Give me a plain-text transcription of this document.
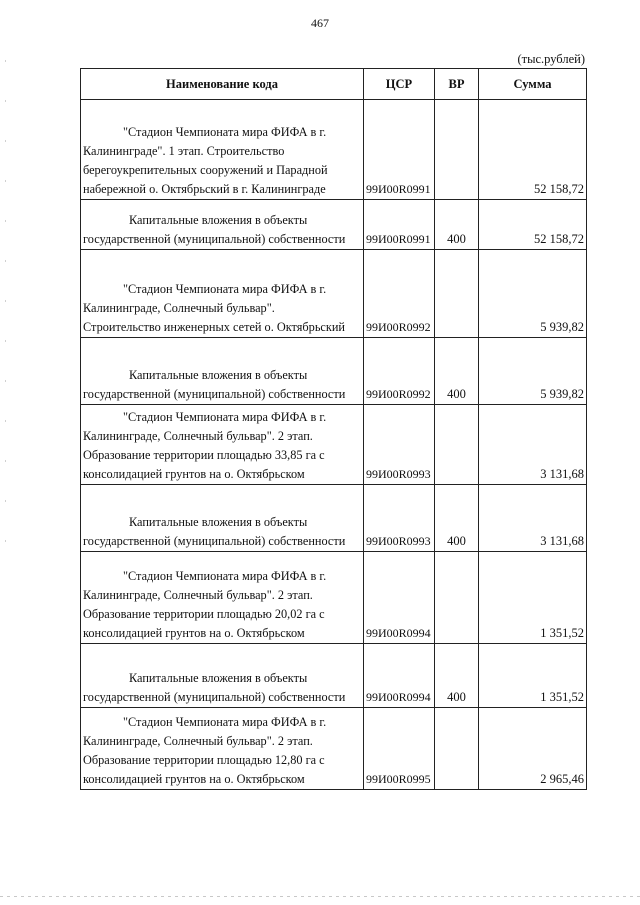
467
(тыс.рублей)
Наименование кода	ЦСР	ВР	Сумма

"Стадион Чемпионата мира ФИФА в г.
Калининграде". 1 этап. Строительство
берегоукрепительных сооружений и Парадной
набережной о. Октябрьский в г. Калининграде	99И00R0991		52 158,72

Капитальные вложения в объекты
государственной (муниципальной) собственности	99И00R0991	400	52 158,72

"Стадион Чемпионата мира ФИФА в г.
Калининграде, Солнечный бульвар".
Строительство инженерных сетей о. Октябрьский	99И00R0992		5 939,82

Капитальные вложения в объекты
государственной (муниципальной) собственности	99И00R0992	400	5 939,82

"Стадион Чемпионата мира ФИФА в г.
Калининграде, Солнечный бульвар". 2 этап.
Образование территории площадью 33,85 га с
консолидацией грунтов на о. Октябрьском	99И00R0993		3 131,68

Капитальные вложения в объекты
государственной (муниципальной) собственности	99И00R0993	400	3 131,68

"Стадион Чемпионата мира ФИФА в г.
Калининграде, Солнечный бульвар". 2 этап.
Образование территории площадью 20,02 га с
консолидацией грунтов на о. Октябрьском	99И00R0994		1 351,52

Капитальные вложения в объекты
государственной (муниципальной) собственности	99И00R0994	400	1 351,52

"Стадион Чемпионата мира ФИФА в г.
Калининграде, Солнечный бульвар". 2 этап.
Образование территории площадью 12,80 га с
консолидацией грунтов на о. Октябрьском	99И00R0995		2 965,46
